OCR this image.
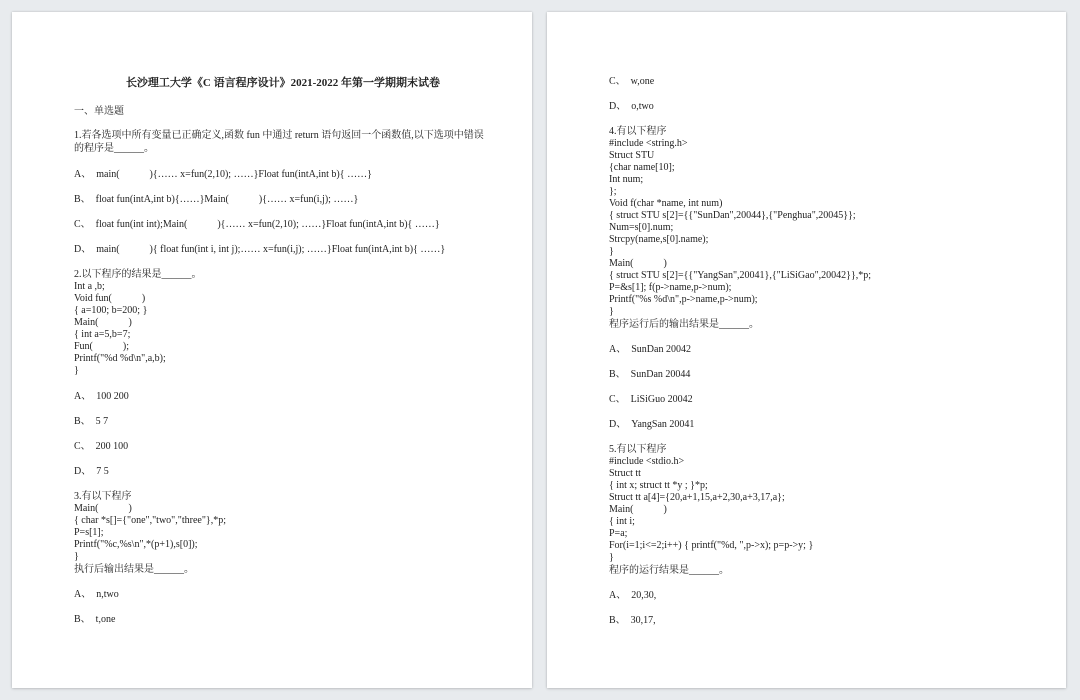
长沙理工大学《C 语言程序设计》2021-2022 年第一学期期末试卷

一、单选题

1.若各选项中所有变量已正确定义,函数 fun 中通过 return 语句返回一个函数值,以下选项中错误的程序是______。

A、  main(            ){…… x=fun(2,10); ……}Float fun(intA,int b){ ……}

B、  float fun(intA,int b){……}Main(            ){…… x=fun(i,j); ……}

C、  float fun(int int);Main(            ){…… x=fun(2,10); ……}Float fun(intA,int b){ ……}

D、  main(            ){ float fun(int i, int j);…… x=fun(i,j); ……}Float fun(intA,int b){ ……}

2.以下程序的结果是______。

Int a ,b;

Void fun(            )

{ a=100; b=200; }

Main(            )

{ int a=5,b=7;

Fun(            );

Printf("%d %d\n",a,b);

}

A、  100 200

B、  5 7

C、  200 100

D、  7 5

3.有以下程序

Main(            )

{ char *s[]={"one","two","three"},*p;

P=s[1];

Printf("%c,%s\n",*(p+1),s[0]);

}

执行后输出结果是______。

A、  n,two

B、  t,one

C、  w,one

D、  o,two

4.有以下程序

#include <string.h>

Struct STU

{char name[10];

Int num;

};

Void f(char *name, int num)

{ struct STU s[2]={{"SunDan",20044},{"Penghua",20045}};

Num=s[0].num;

Strcpy(name,s[0].name);

}

Main(            )

{ struct STU s[2]={{"YangSan",20041},{"LiSiGao",20042}},*p;

P=&s[1]; f(p->name,p->num);

Printf("%s %d\n",p->name,p->num);

}

程序运行后的输出结果是______。

A、  SunDan 20042

B、  SunDan 20044

C、  LiSiGuo 20042

D、  YangSan 20041

5.有以下程序

#include <stdio.h>

Struct tt

{ int x; struct tt *y ; }*p;

Struct tt a[4]={20,a+1,15,a+2,30,a+3,17,a};

Main(            )

{ int i;

P=a;

For(i=1;i<=2;i++) { printf("%d, ",p->x); p=p->y; }

}

程序的运行结果是______。

A、  20,30,

B、  30,17,
